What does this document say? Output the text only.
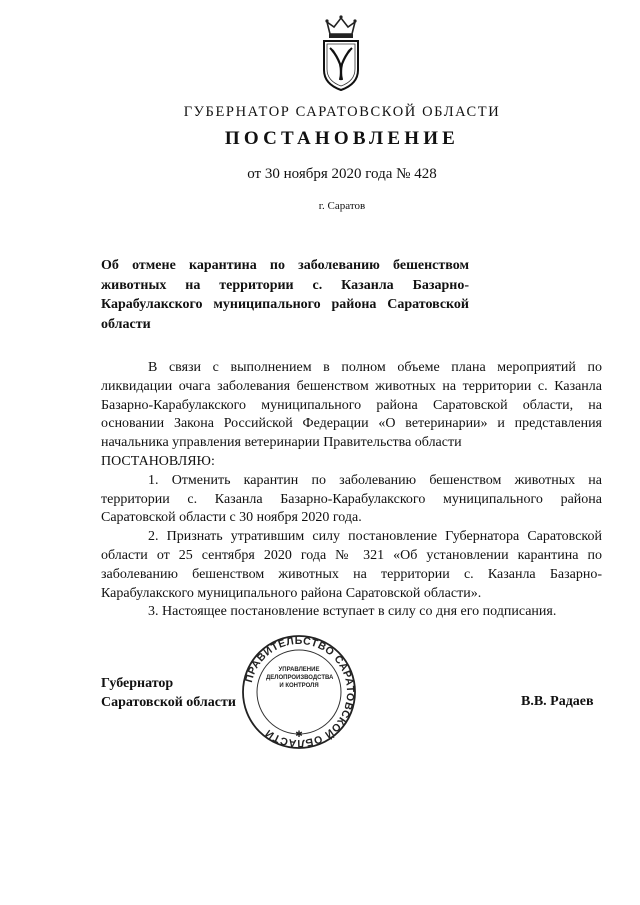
ГУБЕРНАТОР САРАТОВСКОЙ ОБЛАСТИ
ПОСТАНОВЛЕНИЕ
от 30 ноября 2020 года № 428
г. Саратов
Об отмене карантина по заболеванию бешенством животных на территории с. Казанла Базарно-Карабулакского муниципального района Саратовской области

В связи с выполнением в полном объеме плана мероприятий по ликвидации очага заболевания бешенством животных на территории с. Казанла Базарно-Карабулакского муниципального района Саратовской области, на основании Закона Российской Федерации «О ветеринарии» и представления начальника управления ветеринарии Правительства области

ПОСТАНОВЛЯЮ:

1. Отменить карантин по заболеванию бешенством животных на территории с. Казанла Базарно-Карабулакского муниципального района Саратовской области с 30 ноября 2020 года.

2. Признать утратившим силу постановление Губернатора Саратовской области от 25 сентября 2020 года № 321 «Об установлении карантина по заболеванию бешенством животных на территории с. Казанла Базарно-Карабулакского муниципального района Саратовской области».

3. Настоящее постановление вступает в силу со дня его подписания.

Губернатор
Саратовской области
ПРАВИТЕЛЬСТВО САРАТОВСКОЙ ОБЛАСТИ	✱
УПРАВЛЕНИЕ
ДЕЛОПРОИЗВОДСТВА
И КОНТРОЛЯ
В.В. Радаев
